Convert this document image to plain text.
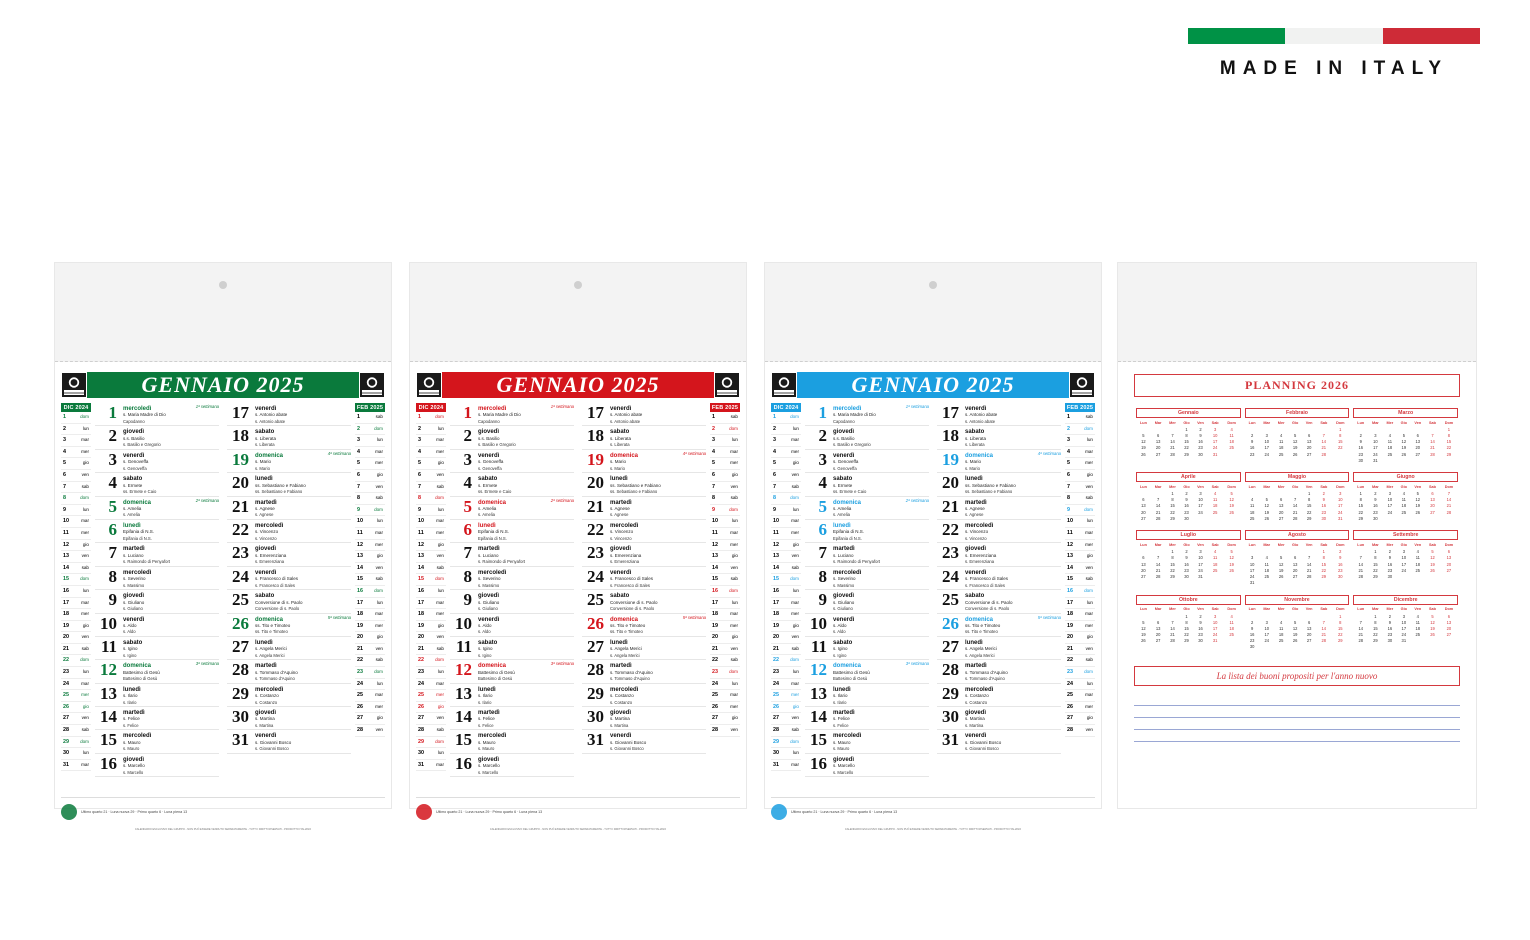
MADE IN ITALY
GENNAIO 2025
DIC 2024
1	dom
2	lun
3	mar
4	mer
5	gio
6	ven
7	sab
8	dom
9	lun
10	mar
11	mer
12	gio
13	ven
14	sab
15 dom
16	lun
17	mar
18	mer
19	gio
20	ven
21	sab
22 dom
23	lun
24	mar
25	mer
26	gio
27	ven
28	sab
29 dom
30	lun
31	mar
1	mercoledì
s. Maria Madre di Dio
Capodanno
1ª settimana
2	giovedì
s.s. Basilio
s. Basilio e Gregorio
3	venerdì
s. Genoveffa
s. Genoveffa
4	sabato
s. Ermete
ss. Ermete e Caio
5	domenica
s. Amelia
s. Amelia
2ª settimana
6	lunedì
Epifania di N.S.
Epifania di N.S.
7	martedì
s. Luciano
s. Raimondo di Penyafort
8	mercoledì
s. Severino
s. Massimo
9	giovedì
s. Giuliano
s. Giuliano
10	venerdì
s. Aldo
s. Aldo
11	sabato
s. Igino
s. Igino
12	domenica
Battesimo di Gesù
Battesimo di Gesù
3ª settimana
13	lunedì
s. Ilario
s. Ilario
14	martedì
s. Felice
s. Felice
15	mercoledì
s. Mauro
s. Mauro
16	giovedì
s. Marcello
s. Marcello
17	venerdì
s. Antonio abate
s. Antonio abate
18	sabato
s. Liberata
s. Liberata
19	domenica
s. Mario
s. Mario
4ª settimana
20	lunedì
ss. Sebastiano e Fabiano
ss. Sebastiano e Fabiano
21	martedì
s. Agnese
s. Agnese
22	mercoledì
s. Vincenzo
s. Vincenzo
23	giovedì
s. Emerenziana
s. Emerenziana
24	venerdì
s. Francesco di Sales
s. Francesco di Sales
25	sabato
Conversione di s. Paolo
Conversione di s. Paolo
26	domenica
ss. Tito e Timoteo
ss. Tito e Timoteo
5ª settimana
27	lunedì
s. Angela Merici
s. Angela Merici
28	martedì
s. Tommaso d'Aquino
s. Tommaso d'Aquino
29	mercoledì
s. Costanzo
s. Costanzo
30	giovedì
s. Martina
s. Martina
31	venerdì
s. Giovanni Bosco
s. Giovanni Bosco
FEB 2025
1	sab
2	dom
3	lun
4	mar
5	mer
6	gio
7	ven
8	sab
9	dom
10	lun
11	mar
12	mer
13	gio
14	ven
15	sab
16 dom
17	lun
18	mar
19	mer
20	gio
21	ven
22	sab
23 dom
24	lun
25	mar
26	mer
27	gio
28	ven
Ultimo quarto 21 · Luna nuova 29 · Primo quarto 6 · Luna piena 13
CALENDARIO ESCLUSIVO DEL GRUPPO - NON PUÒ ESSERE VENDUTO SEPARATAMENTE - TUTTI I DIRITTI RISERVATI - PRODOTTO ITALIANO
GENNAIO 2025
DIC 2024
1	dom
2	lun
3	mar
4	mer
5	gio
6	ven
7	sab
8	dom
9	lun
10	mar
11	mer
12	gio
13	ven
14	sab
15 dom
16	lun
17	mar
18	mer
19	gio
20	ven
21	sab
22 dom
23	lun
24	mar
25	mer
26	gio
27	ven
28	sab
29 dom
30	lun
31	mar
1	mercoledì
s. Maria Madre di Dio
Capodanno
1ª settimana
2	giovedì
s.s. Basilio
s. Basilio e Gregorio
3	venerdì
s. Genoveffa
s. Genoveffa
4	sabato
s. Ermete
ss. Ermete e Caio
5	domenica
s. Amelia
s. Amelia
2ª settimana
6	lunedì
Epifania di N.S.
Epifania di N.S.
7	martedì
s. Luciano
s. Raimondo di Penyafort
8	mercoledì
s. Severino
s. Massimo
9	giovedì
s. Giuliano
s. Giuliano
10	venerdì
s. Aldo
s. Aldo
11	sabato
s. Igino
s. Igino
12	domenica
Battesimo di Gesù
Battesimo di Gesù
3ª settimana
13	lunedì
s. Ilario
s. Ilario
14	martedì
s. Felice
s. Felice
15	mercoledì
s. Mauro
s. Mauro
16	giovedì
s. Marcello
s. Marcello
17	venerdì
s. Antonio abate
s. Antonio abate
18	sabato
s. Liberata
s. Liberata
19	domenica
s. Mario
s. Mario
4ª settimana
20	lunedì
ss. Sebastiano e Fabiano
ss. Sebastiano e Fabiano
21	martedì
s. Agnese
s. Agnese
22	mercoledì
s. Vincenzo
s. Vincenzo
23	giovedì
s. Emerenziana
s. Emerenziana
24	venerdì
s. Francesco di Sales
s. Francesco di Sales
25	sabato
Conversione di s. Paolo
Conversione di s. Paolo
26	domenica
ss. Tito e Timoteo
ss. Tito e Timoteo
5ª settimana
27	lunedì
s. Angela Merici
s. Angela Merici
28	martedì
s. Tommaso d'Aquino
s. Tommaso d'Aquino
29	mercoledì
s. Costanzo
s. Costanzo
30	giovedì
s. Martina
s. Martina
31	venerdì
s. Giovanni Bosco
s. Giovanni Bosco
FEB 2025
1	sab
2	dom
3	lun
4	mar
5	mer
6	gio
7	ven
8	sab
9	dom
10	lun
11	mar
12	mer
13	gio
14	ven
15	sab
16 dom
17	lun
18	mar
19	mer
20	gio
21	ven
22	sab
23 dom
24	lun
25	mar
26	mer
27	gio
28	ven
Ultimo quarto 21 · Luna nuova 29 · Primo quarto 6 · Luna piena 13
CALENDARIO ESCLUSIVO DEL GRUPPO - NON PUÒ ESSERE VENDUTO SEPARATAMENTE - TUTTI I DIRITTI RISERVATI - PRODOTTO ITALIANO
GENNAIO 2025
DIC 2024
1	dom
2	lun
3	mar
4	mer
5	gio
6	ven
7	sab
8	dom
9	lun
10	mar
11	mer
12	gio
13	ven
14	sab
15 dom
16	lun
17	mar
18	mer
19	gio
20	ven
21	sab
22 dom
23	lun
24	mar
25	mer
26	gio
27	ven
28	sab
29 dom
30	lun
31	mar
1	mercoledì
s. Maria Madre di Dio
Capodanno
1ª settimana
2	giovedì
s.s. Basilio
s. Basilio e Gregorio
3	venerdì
s. Genoveffa
s. Genoveffa
4	sabato
s. Ermete
ss. Ermete e Caio
5	domenica
s. Amelia
s. Amelia
2ª settimana
6	lunedì
Epifania di N.S.
Epifania di N.S.
7	martedì
s. Luciano
s. Raimondo di Penyafort
8	mercoledì
s. Severino
s. Massimo
9	giovedì
s. Giuliano
s. Giuliano
10	venerdì
s. Aldo
s. Aldo
11	sabato
s. Igino
s. Igino
12	domenica
Battesimo di Gesù
Battesimo di Gesù
3ª settimana
13	lunedì
s. Ilario
s. Ilario
14	martedì
s. Felice
s. Felice
15	mercoledì
s. Mauro
s. Mauro
16	giovedì
s. Marcello
s. Marcello
17	venerdì
s. Antonio abate
s. Antonio abate
18	sabato
s. Liberata
s. Liberata
19	domenica
s. Mario
s. Mario
4ª settimana
20	lunedì
ss. Sebastiano e Fabiano
ss. Sebastiano e Fabiano
21	martedì
s. Agnese
s. Agnese
22	mercoledì
s. Vincenzo
s. Vincenzo
23	giovedì
s. Emerenziana
s. Emerenziana
24	venerdì
s. Francesco di Sales
s. Francesco di Sales
25	sabato
Conversione di s. Paolo
Conversione di s. Paolo
26	domenica
ss. Tito e Timoteo
ss. Tito e Timoteo
5ª settimana
27	lunedì
s. Angela Merici
s. Angela Merici
28	martedì
s. Tommaso d'Aquino
s. Tommaso d'Aquino
29	mercoledì
s. Costanzo
s. Costanzo
30	giovedì
s. Martina
s. Martina
31	venerdì
s. Giovanni Bosco
s. Giovanni Bosco
FEB 2025
1	sab
2	dom
3	lun
4	mar
5	mer
6	gio
7	ven
8	sab
9	dom
10	lun
11	mar
12	mer
13	gio
14	ven
15	sab
16 dom
17	lun
18	mar
19	mer
20	gio
21	ven
22	sab
23 dom
24	lun
25	mar
26	mer
27	gio
28	ven
Ultimo quarto 21 · Luna nuova 29 · Primo quarto 6 · Luna piena 13
CALENDARIO ESCLUSIVO DEL GRUPPO - NON PUÒ ESSERE VENDUTO SEPARATAMENTE - TUTTI I DIRITTI RISERVATI - PRODOTTO ITALIANO
PLANNING 2026
Gennaio
Lun	Mar	Mer	Gio	Ven	Sab	Dom
			1	2	3	4
5	6	7	8	9	10	11
12	13	14	15	16	17	18
19	20	21	22	23	24	25
26	27	28	29	30	31	
Febbraio
Lun	Mar	Mer	Gio	Ven	Sab	Dom
						1
2	3	4	5	6	7	8
9	10	11	12	13	14	15
16	17	18	19	20	21	22
23	24	25	26	27	28	
Marzo
Lun	Mar	Mer	Gio	Ven	Sab	Dom
						1
2	3	4	5	6	7	8
9	10	11	12	13	14	15
16	17	18	19	20	21	22
23	24	25	26	27	28	29
30	31					
Aprile
Lun	Mar	Mer	Gio	Ven	Sab	Dom
		1	2	3	4	5
6	7	8	9	10	11	12
13	14	15	16	17	18	19
20	21	22	23	24	25	26
27	28	29	30			
Maggio
Lun	Mar	Mer	Gio	Ven	Sab	Dom
				1	2	3
4	5	6	7	8	9	10
11	12	13	14	15	16	17
18	19	20	21	22	23	24
25	26	27	28	29	30	31

Giugno
Lun	Mar	Mer	Gio	Ven	Sab	Dom
1	2	3	4	5	6	7
8	9	10	11	12	13	14
15	16	17	18	19	20	21
22	23	24	25	26	27	28
29	30					
Luglio
Lun	Mar	Mer	Gio	Ven	Sab	Dom
		1	2	3	4	5
6	7	8	9	10	11	12
13	14	15	16	17	18	19
20	21	22	23	24	25	26
27	28	29	30	31		
Agosto
Lun	Mar	Mer	Gio	Ven	Sab	Dom
					1	2
3	4	5	6	7	8	9
10	11	12	13	14	15	16
17	18	19	20	21	22	23
24	25	26	27	28	29	30
31						
Settembre
Lun	Mar	Mer	Gio	Ven	Sab	Dom
	1	2	3	4	5	6
7	8	9	10	11	12	13
14	15	16	17	18	19	20
21	22	23	24	25	26	27
28	29	30				
Ottobre
Lun	Mar	Mer	Gio	Ven	Sab	Dom
			1	2	3	4
5	6	7	8	9	10	11
12	13	14	15	16	17	18
19	20	21	22	23	24	25
26	27	28	29	30	31	
Novembre
Lun	Mar	Mer	Gio	Ven	Sab	Dom
						1
2	3	4	5	6	7	8
9	10	11	12	13	14	15
16	17	18	19	20	21	22
23	24	25	26	27	28	29
30						
Dicembre
Lun	Mar	Mer	Gio	Ven	Sab	Dom
	1	2	3	4	5	6
7	8	9	10	11	12	13
14	15	16	17	18	19	20
21	22	23	24	25	26	27
28	29	30	31			
La lista dei buoni propositi per l'anno nuovo
